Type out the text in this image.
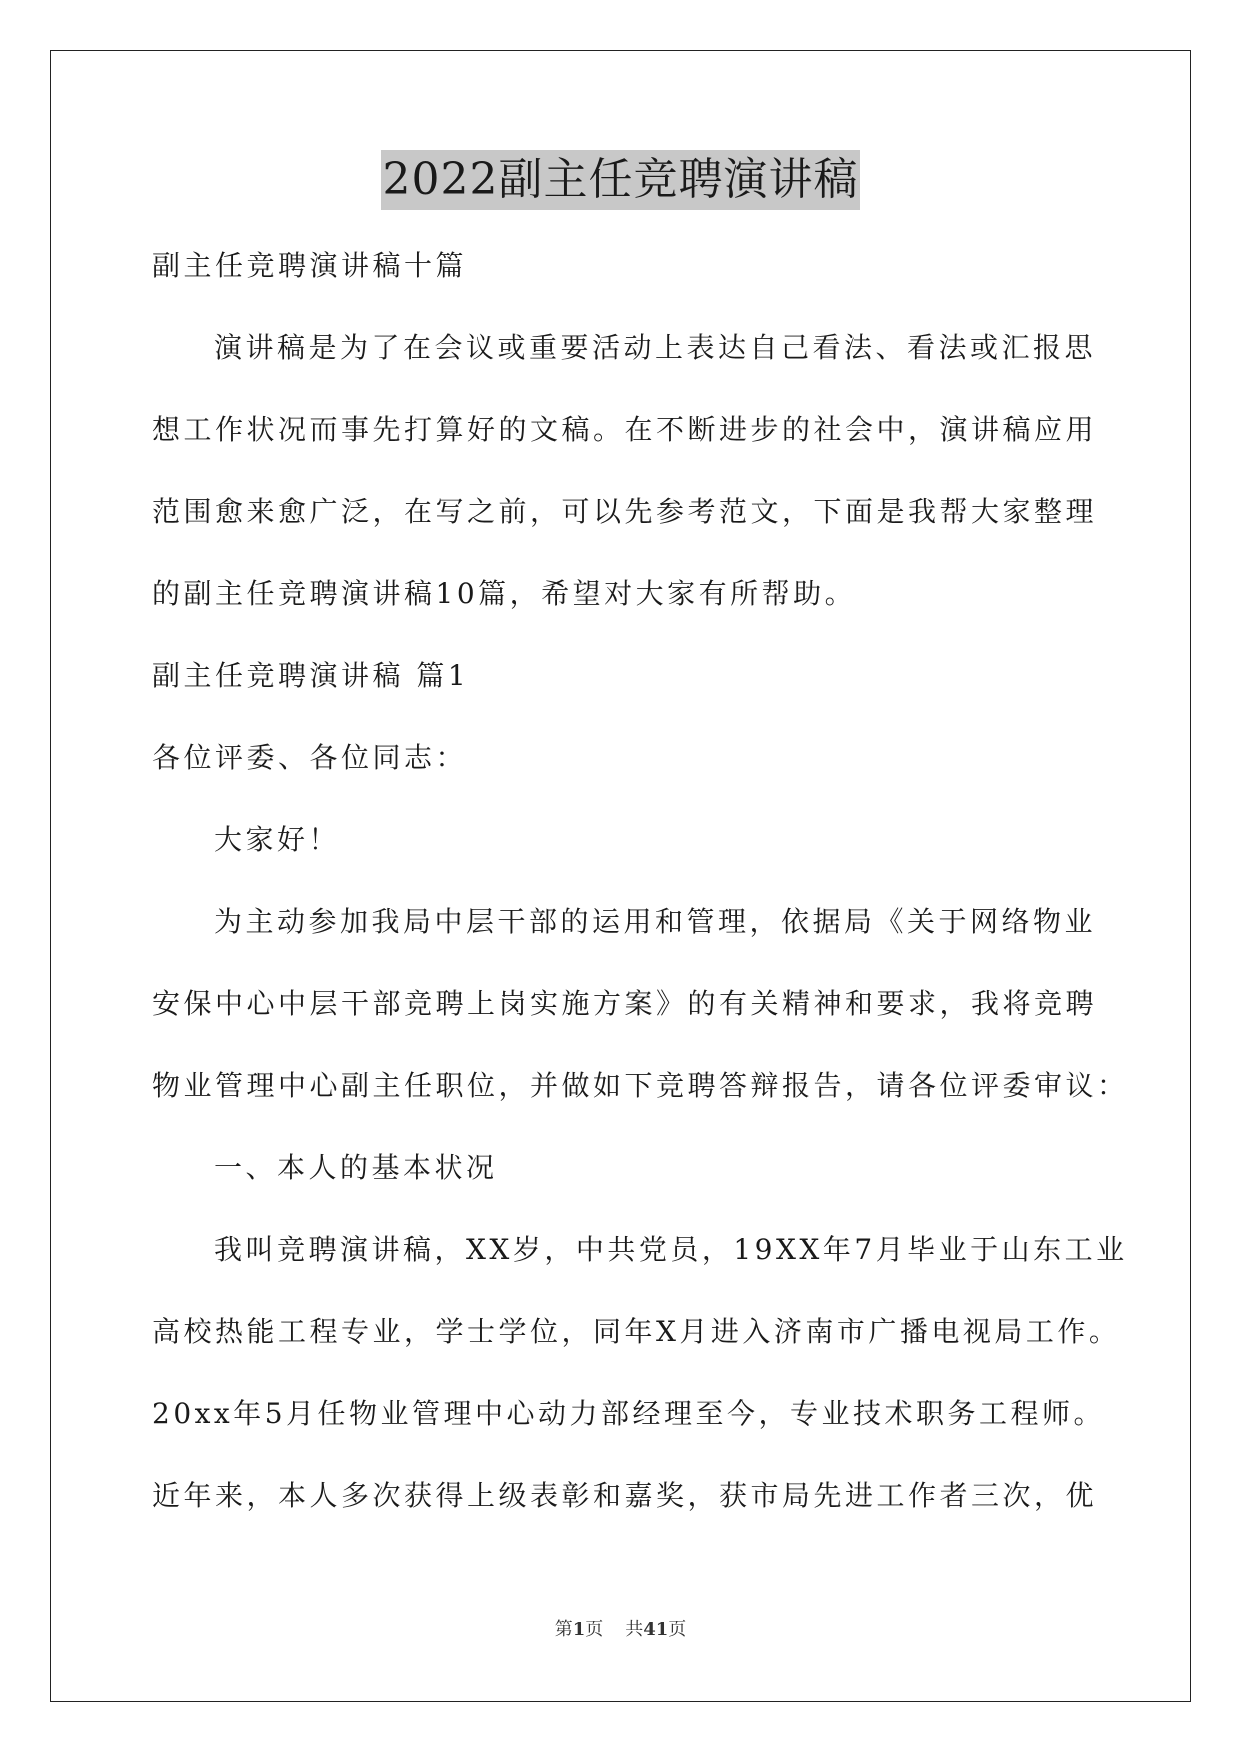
2022副主任竞聘演讲稿
副主任竞聘演讲稿十篇
演讲稿是为了在会议或重要活动上表达自己看法、看法或汇报思
想工作状况而事先打算好的文稿。在不断进步的社会中，演讲稿应用
范围愈来愈广泛，在写之前，可以先参考范文，下面是我帮大家整理
的副主任竞聘演讲稿10篇，希望对大家有所帮助。
副主任竞聘演讲稿 篇1
各位评委、各位同志：
大家好！
为主动参加我局中层干部的运用和管理，依据局《关于网络物业
安保中心中层干部竞聘上岗实施方案》的有关精神和要求，我将竞聘
物业管理中心副主任职位，并做如下竞聘答辩报告，请各位评委审议：
一、本人的基本状况
我叫竞聘演讲稿，XX岁，中共党员，19XX年7月毕业于山东工业
高校热能工程专业，学士学位，同年X月进入济南市广播电视局工作。
20xx年5月任物业管理中心动力部经理至今，专业技术职务工程师。
近年来，本人多次获得上级表彰和嘉奖，获市局先进工作者三次，优
第1页 共41页
